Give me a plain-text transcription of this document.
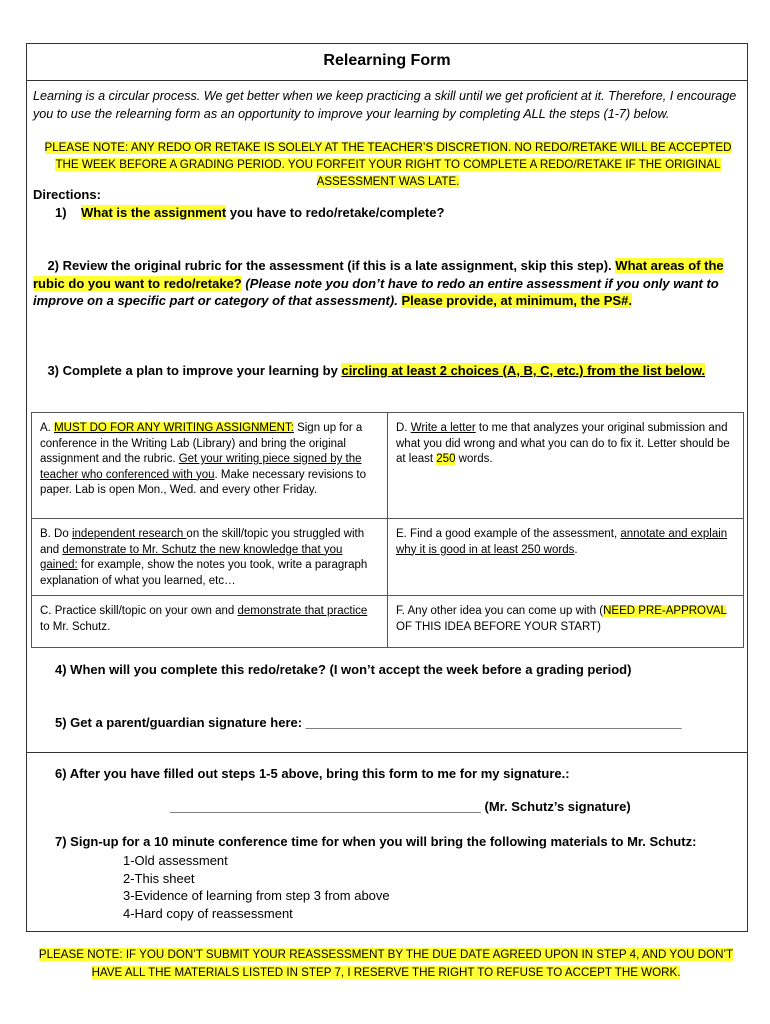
Relearning Form
Learning is a circular process. We get better when we keep practicing a skill until we get proficient at it. Therefore, I encourage you to use the relearning form as an opportunity to improve your learning by completing ALL the steps (1-7) below.
PLEASE NOTE: ANY REDO OR RETAKE IS SOLELY AT THE TEACHER’S DISCRETION. NO REDO/RETAKE WILL BE ACCEPTED THE WEEK BEFORE A GRADING PERIOD. YOU FORFEIT YOUR RIGHT TO COMPLETE A REDO/RETAKE IF THE ORIGINAL ASSESSMENT WAS LATE.
Directions:
1) What is the assignment you have to redo/retake/complete?
2) Review the original rubric for the assessment (if this is a late assignment, skip this step). What areas of the rubic do you want to redo/retake? (Please note you don’t have to redo an entire assessment if you only want to improve on a specific part or category of that assessment). Please provide, at minimum, the PS#.
3) Complete a plan to improve your learning by circling at least 2 choices (A, B, C, etc.) from the list below.
A. MUST DO FOR ANY WRITING ASSIGNMENT: Sign up for a conference in the Writing Lab (Library) and bring the original assignment and the rubric. Get your writing piece signed by the teacher who conferenced with you. Make necessary revisions to paper. Lab is open Mon., Wed. and every other Friday.
D. Write a letter to me that analyzes your original submission and what you did wrong and what you can do to fix it. Letter should be at least 250 words.
B. Do independent research on the skill/topic you struggled with and demonstrate to Mr. Schutz the new knowledge that you gained: for example, show the notes you took, write a paragraph explanation of what you learned, etc…
E. Find a good example of the assessment, annotate and explain why it is good in at least 250 words.
C. Practice skill/topic on your own and demonstrate that practice to Mr. Schutz.
F. Any other idea you can come up with (NEED PRE-APPROVAL OF THIS IDEA BEFORE YOUR START)
4) When will you complete this redo/retake? (I won’t accept the week before a grading period)
5) Get a parent/guardian signature here: ____________________________________________________
6) After you have filled out steps 1-5 above, bring this form to me for my signature.:
___________________________________________ (Mr. Schutz’s signature)
7) Sign-up for a 10 minute conference time for when you will bring the following materials to Mr. Schutz:
1-Old assessment
2-This sheet
3-Evidence of learning from step 3 from above
4-Hard copy of reassessment
PLEASE NOTE: IF YOU DON’T SUBMIT YOUR REASSESSMENT BY THE DUE DATE AGREED UPON IN STEP 4, AND YOU DON’T HAVE ALL THE MATERIALS LISTED IN STEP 7, I RESERVE THE RIGHT TO REFUSE TO ACCEPT THE WORK.
